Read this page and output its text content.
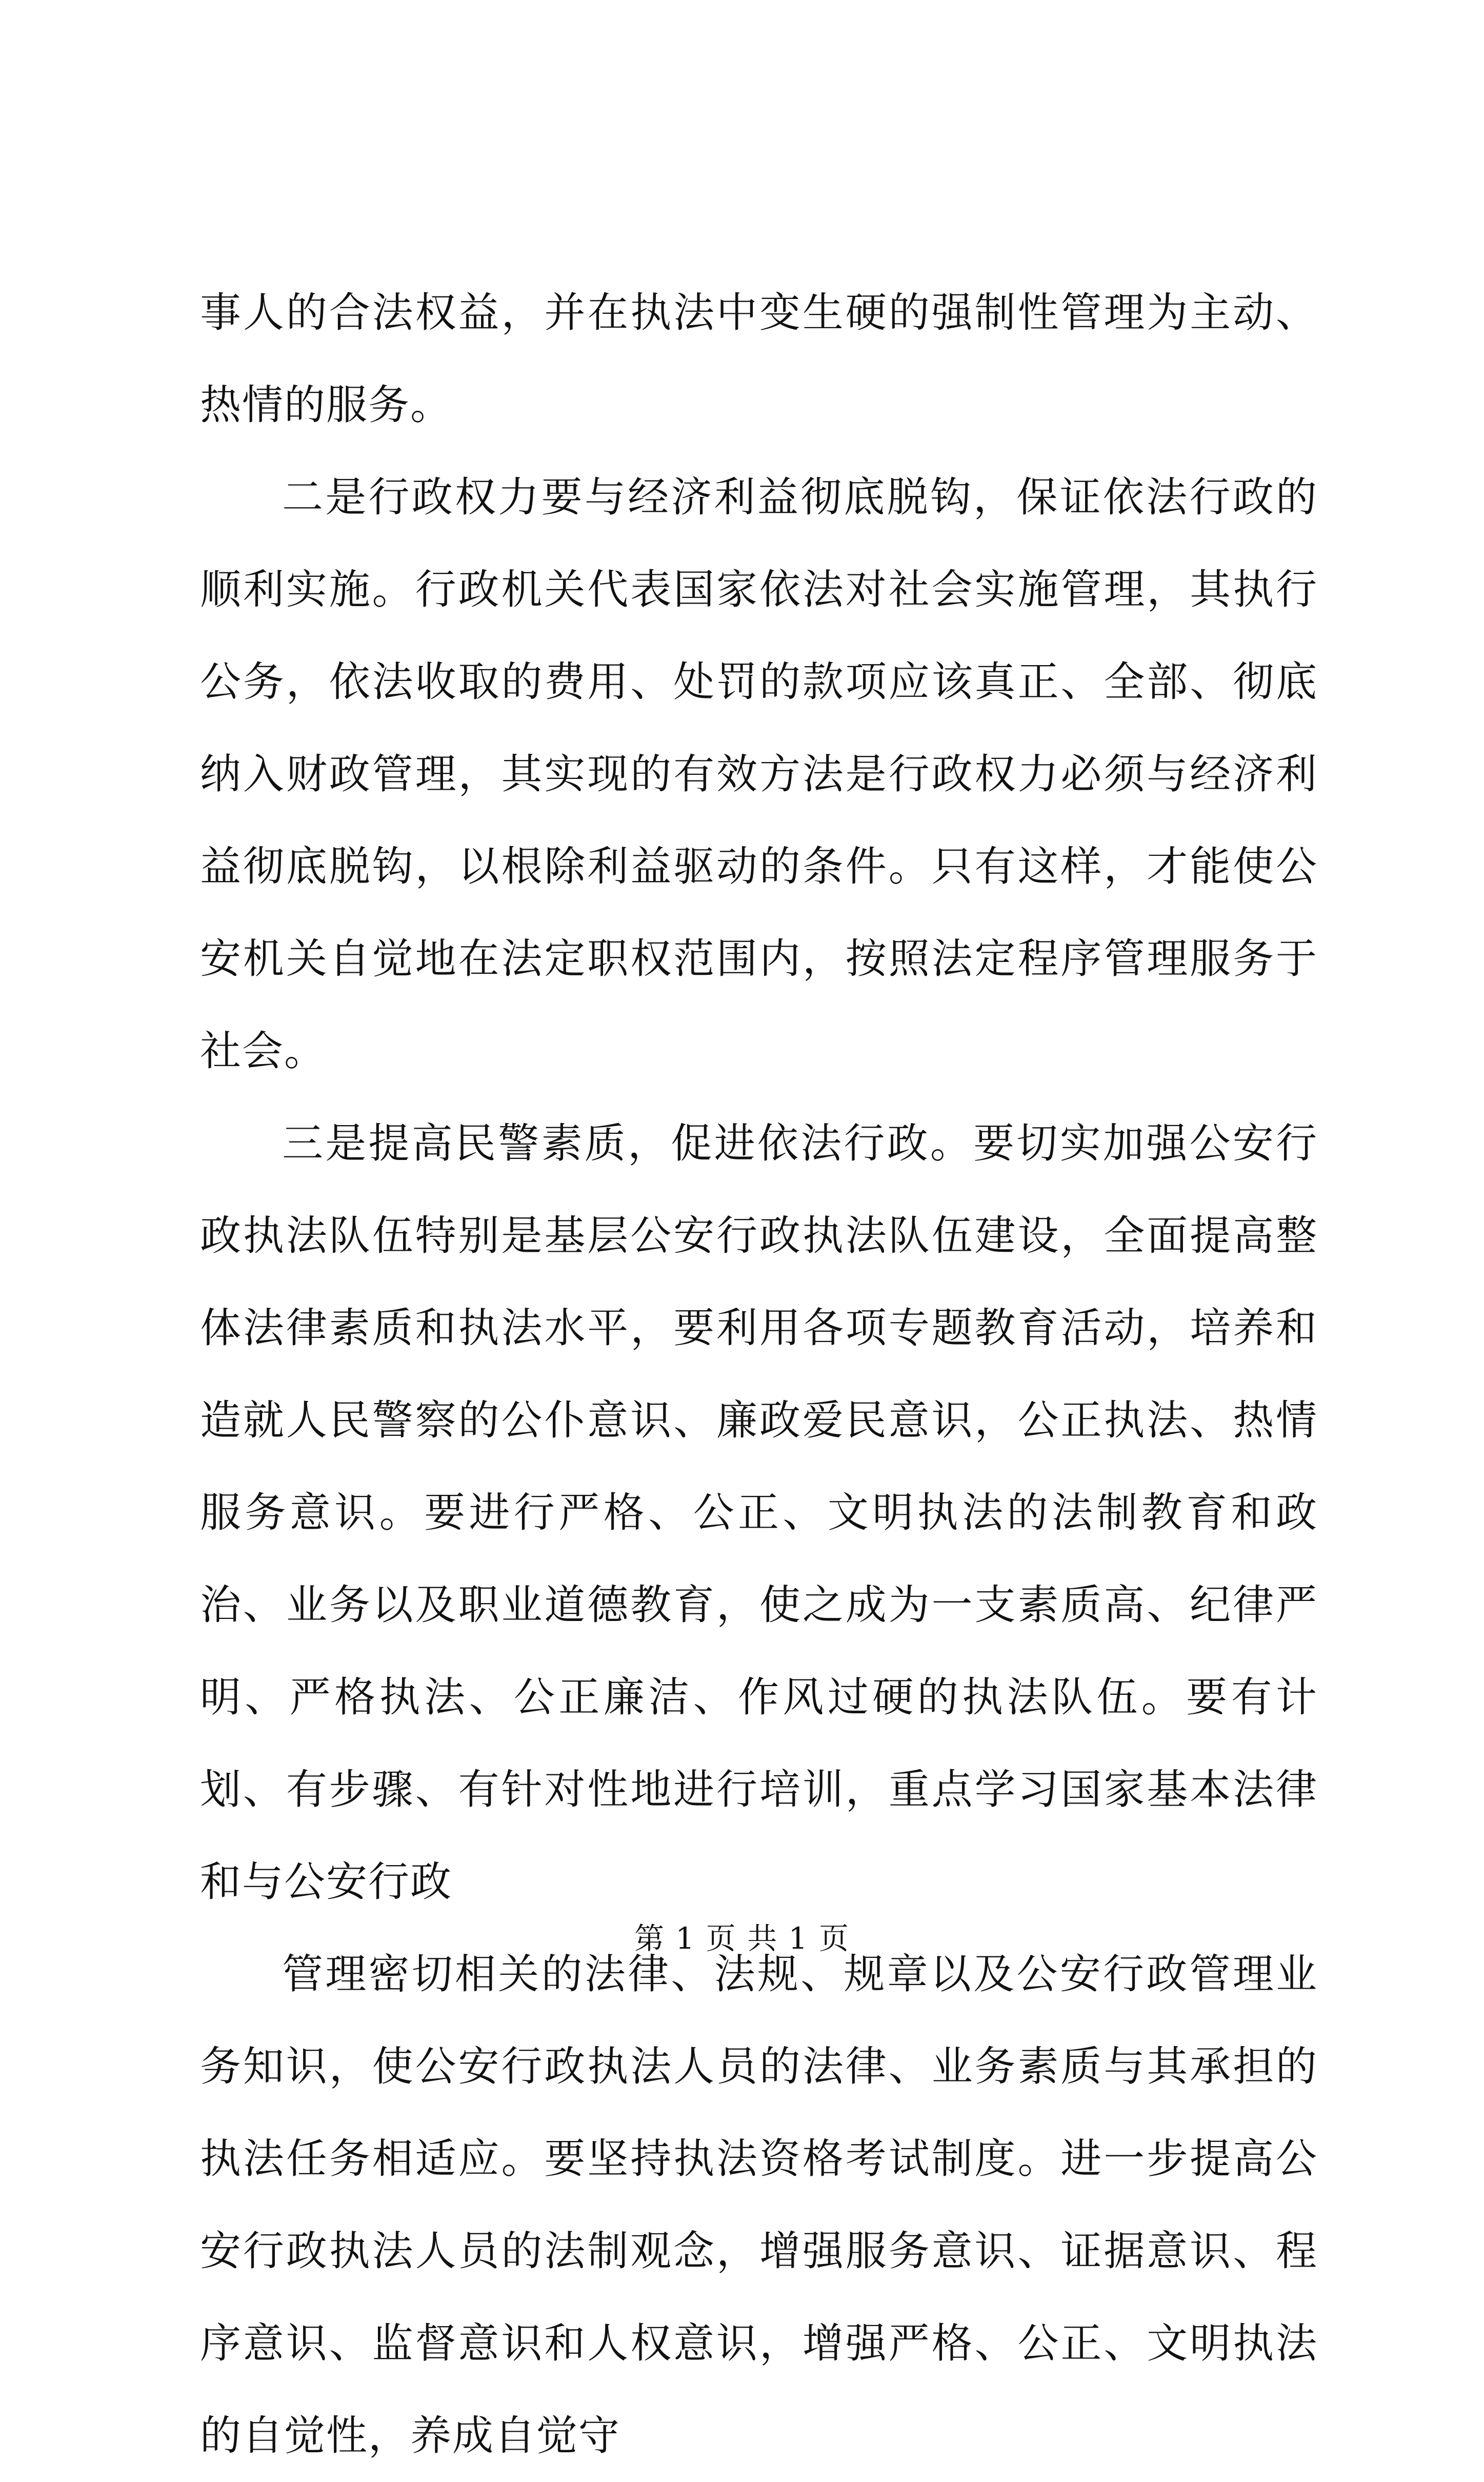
事人的合法权益，并在执法中变生硬的强制性管理为主动、热情的服务。

二是行政权力要与经济利益彻底脱钩，保证依法行政的顺利实施。行政机关代表国家依法对社会实施管理，其执行公务，依法收取的费用、处罚的款项应该真正、全部、彻底纳入财政管理，其实现的有效方法是行政权力必须与经济利益彻底脱钩，以根除利益驱动的条件。只有这样，才能使公安机关自觉地在法定职权范围内，按照法定程序管理服务于社会。

三是提高民警素质，促进依法行政。要切实加强公安行政执法队伍特别是基层公安行政执法队伍建设，全面提高整体法律素质和执法水平，要利用各项专题教育活动，培养和造就人民警察的公仆意识、廉政爱民意识，公正执法、热情服务意识。要进行严格、公正、文明执法的法制教育和政治、业务以及职业道德教育，使之成为一支素质高、纪律严明、严格执法、公正廉洁、作风过硬的执法队伍。要有计划、有步骤、有针对性地进行培训，重点学习国家基本法律和与公安行政

管理密切相关的法律、法规、规章以及公安行政管理业务知识，使公安行政执法人员的法律、业务素质与其承担的执法任务相适应。要坚持执法资格考试制度。进一步提高公安行政执法人员的法制观念，增强服务意识、证据意识、程序意识、监督意识和人权意识，增强严格、公正、文明执法的自觉性，养成自觉守

第 1 页 共 1 页
